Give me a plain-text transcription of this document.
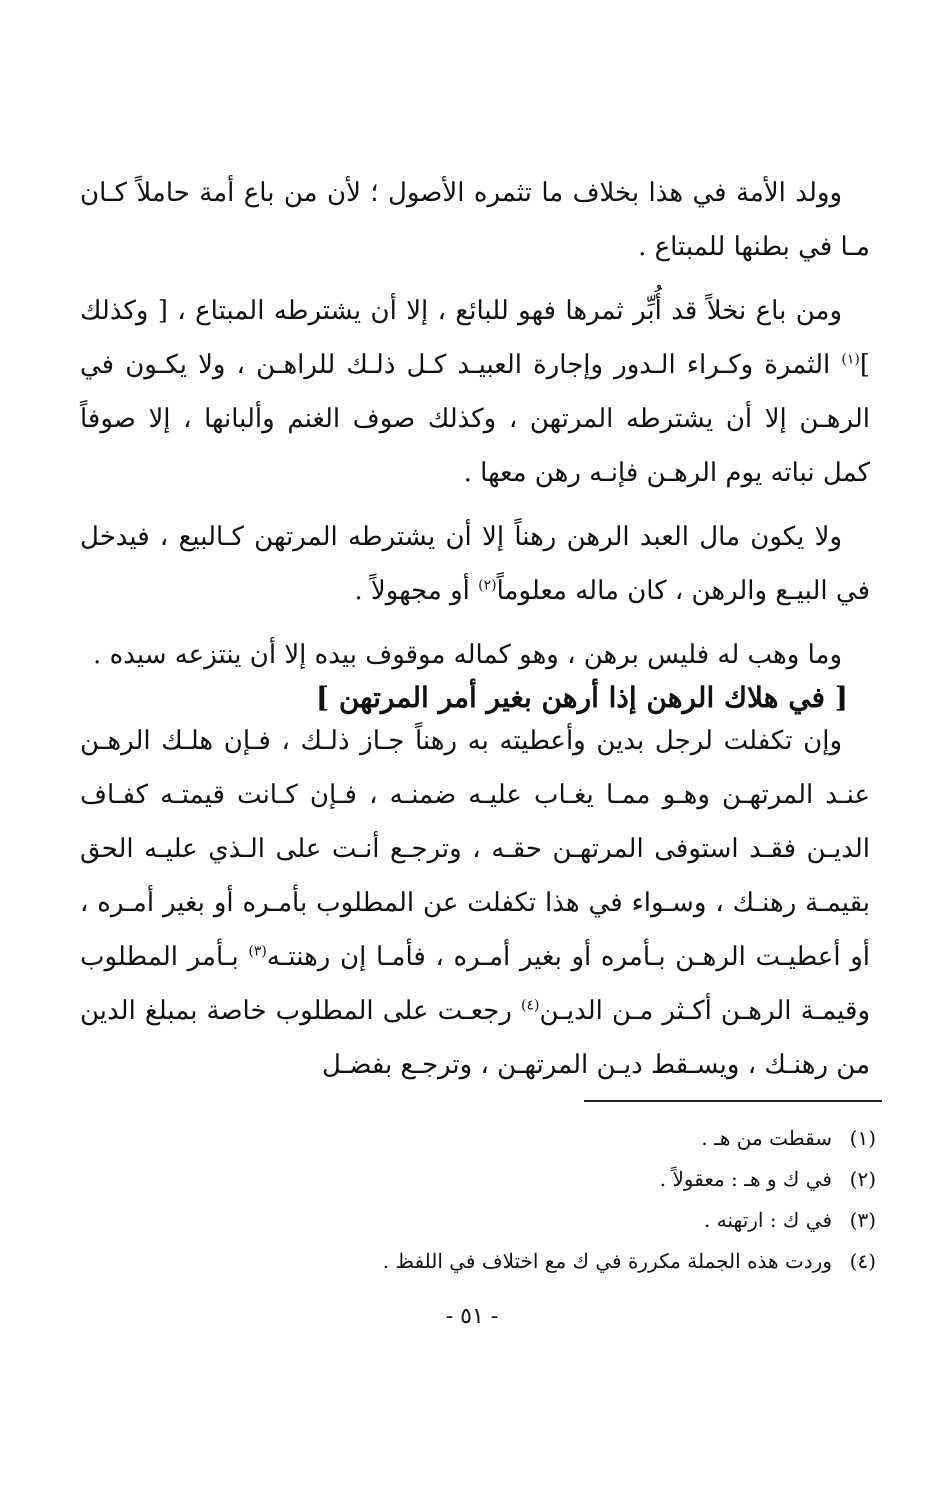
وولد الأمة في هذا بخلاف ما تثمره الأصول ؛ لأن من باع أمة حاملاً كـان مـا في بطنها للمبتاع .

ومن باع نخلاً قد أُبِّر ثمرها فهو للبائع ، إلا أن يشترطه المبتاع ، [ وكذلك ]$^{(١)}$ الثمرة وكـراء الـدور وإجارة العبيـد كـل ذلـك للراهـن ، ولا يكـون في الرهـن إلا أن يشترطه المرتهن ، وكذلك صوف الغنم وألبانها ، إلا صوفاً كمل نباته يوم الرهـن فإنـه رهن معها .

ولا يكون مال العبد الرهن رهناً إلا أن يشترطه المرتهن كـالبيع ، فيدخل في البيـع والرهن ، كان ماله معلوماً$^{(٢)}$ أو مجهولاً .

وما وهب له فليس برهن ، وهو كماله موقوف بيده إلا أن ينتزعه سيده .

[ في هلاك الرهن إذا أرهن بغير أمر المرتهن ]

وإن تكفلت لرجل بدين وأعطيته به رهناً جـاز ذلـك ، فـإن هلـك الرهـن عنـد المرتهـن وهـو ممـا يغـاب عليـه ضمنـه ، فـإن كـانت قيمتـه كفـاف الديـن فقـد استوفى المرتهـن حقـه ، وترجـع أنـت على الـذي عليـه الحق بقيمـة رهنـك ، وسـواء في هذا تكفلت عن المطلوب بأمـره أو بغير أمـره ، أو أعطيـت الرهـن بـأمره أو بغير أمـره ، فأمـا إن رهنتـه$^{(٣)}$ بـأمر المطلوب وقيمـة الرهـن أكـثر مـن الديـن$^{(٤)}$ رجعـت على المطلوب خاصة بمبلغ الدين من رهنـك ، ويسـقط ديـن المرتهـن ، وترجـع بفضـل

(١)سقطت من هـ .
(٢)في ك و هـ : معقولاً .
(٣)في ك : ارتهنه .
(٤)وردت هذه الجملة مكررة في ك مع اختلاف في اللفظ .
- ٥١ -
